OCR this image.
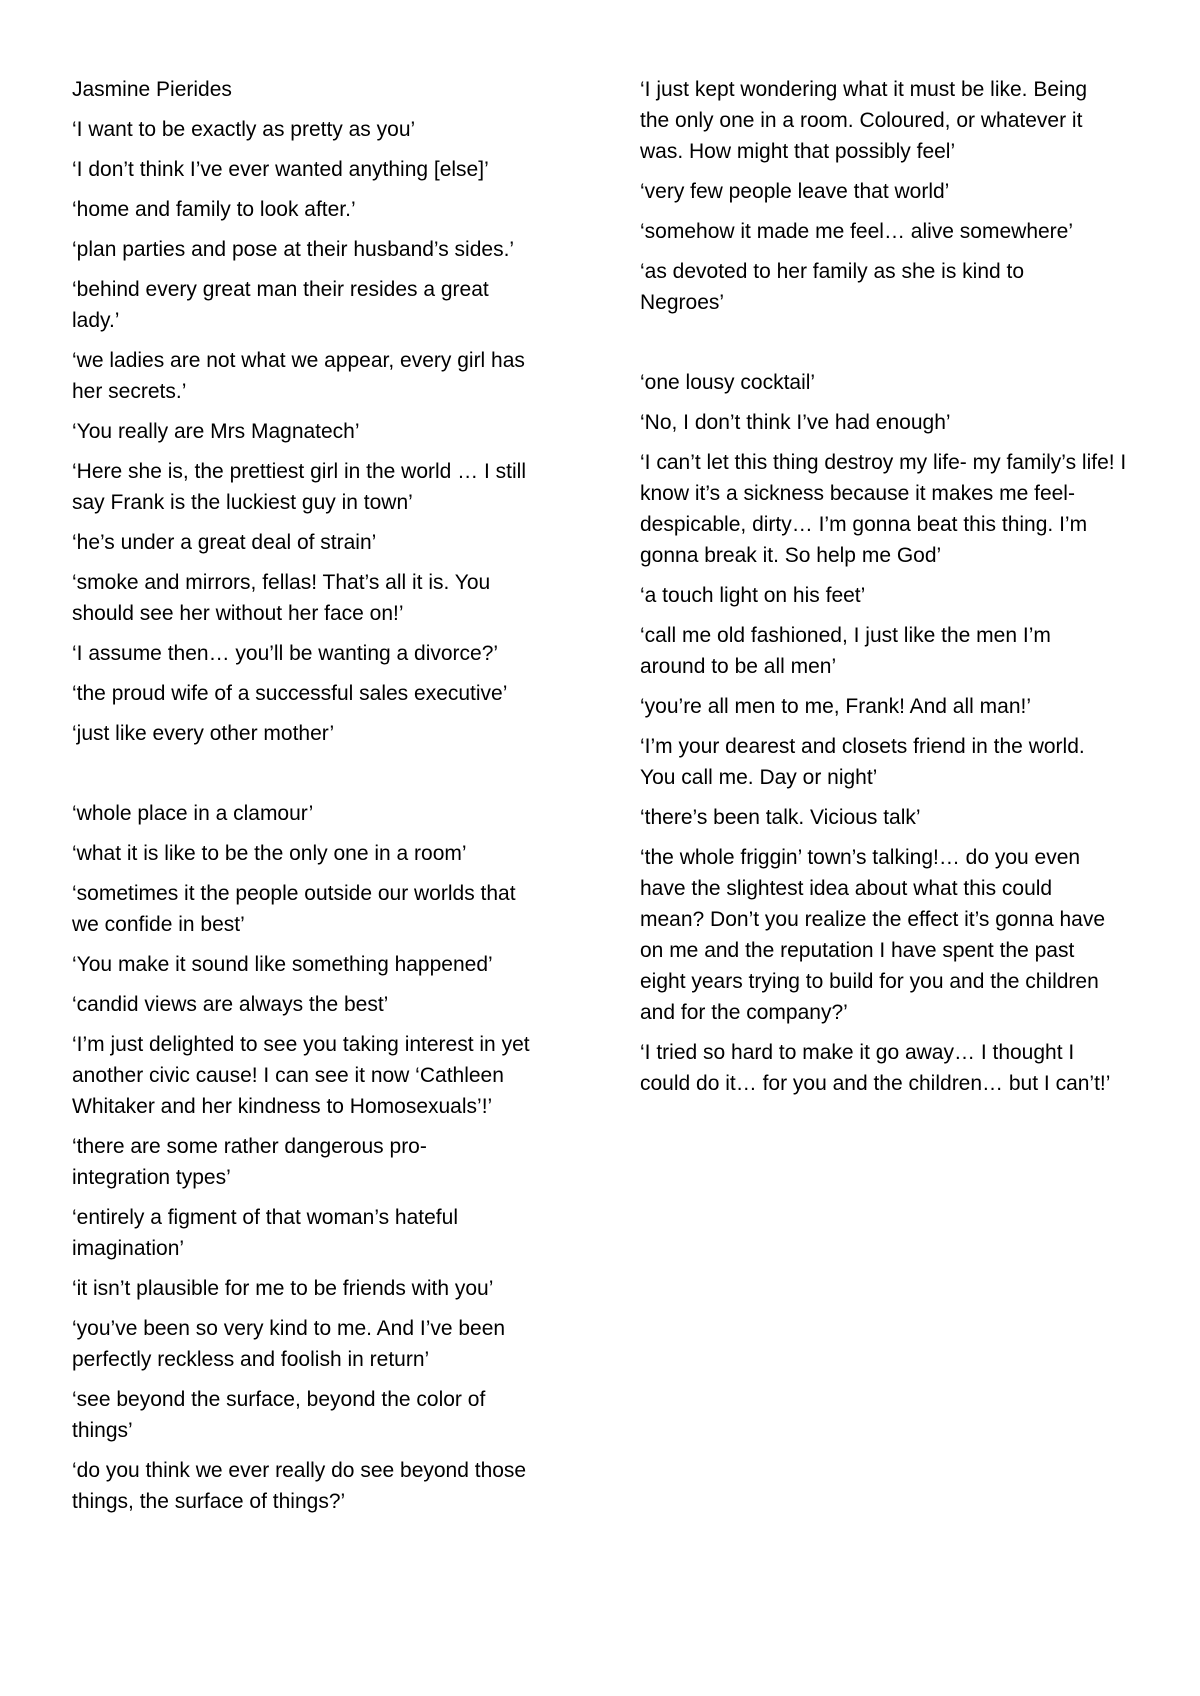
Jasmine Pierides

‘I want to be exactly as pretty as you’

‘I don’t think I’ve ever wanted anything [else]’

‘home and family to look after.’

‘plan parties and pose at their husband’s sides.’

‘behind every great man their resides a great lady.’

‘we ladies are not what we appear, every girl has her secrets.’

‘You really are Mrs Magnatech’

‘Here she is, the prettiest girl in the world … I still say Frank is the luckiest guy in town’

‘he’s under a great deal of strain’

‘smoke and mirrors, fellas! That’s all it is. You should see her without her face on!’

‘I assume then… you’ll be wanting a divorce?’

‘the proud wife of a successful sales executive’

‘just like every other mother’

‘whole place in a clamour’

‘what it is like to be the only one in a room’

‘sometimes it the people outside our worlds that we confide in best’

‘You make it sound like something happened’

‘candid views are always the best’

‘I’m just delighted to see you taking interest in yet another civic cause! I can see it now ‘Cathleen Whitaker and her kindness to Homosexuals’!’

‘there are some rather dangerous pro-integration types’

‘entirely a figment of that woman’s hateful imagination’

‘it isn’t plausible for me to be friends with you’

‘you’ve been so very kind to me. And I’ve been perfectly reckless and foolish in return’

‘see beyond the surface, beyond the color of things’

‘do you think we ever really do see beyond those things, the surface of things?’

‘I just kept wondering what it must be like. Being the only one in a room. Coloured, or whatever it was. How might that possibly feel’

‘very few people leave that world’

‘somehow it made me feel… alive somewhere’

‘as devoted to her family as she is kind to Negroes’

‘one lousy cocktail’

‘No, I don’t think I’ve had enough’

‘I can’t let this thing destroy my life- my family’s life! I know it’s a sickness because it makes me feel- despicable, dirty… I’m gonna beat this thing. I’m gonna break it. So help me God’

‘a touch light on his feet’

‘call me old fashioned, I just like the men I’m around to be all men’

‘you’re all men to me, Frank! And all man!’

‘I’m your dearest and closets friend in the world. You call me. Day or night’

‘there’s been talk. Vicious talk’

‘the whole friggin’ town’s talking!… do you even have the slightest idea about what this could mean? Don’t you realize the effect it’s gonna have on me and the reputation I have spent the past eight years trying to build for you and the children and for the company?’

‘I tried so hard to make it go away… I thought I could do it… for you and the children… but I can’t!’
